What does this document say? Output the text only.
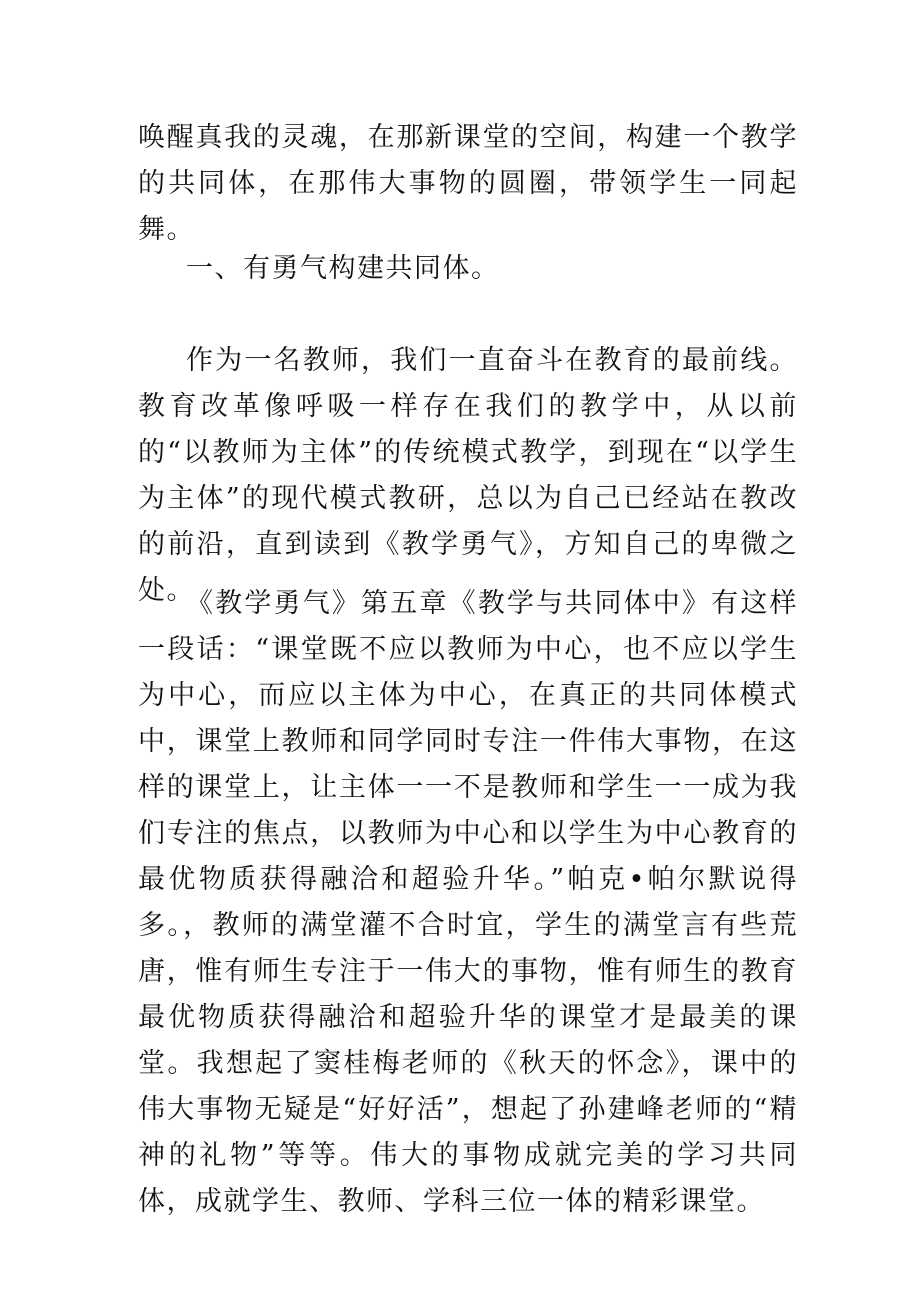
唤醒真我的灵魂，在那新课堂的空间，构建一个教学的共同体，在那伟大事物的圆圈，带领学生一同起舞。

一、有勇气构建共同体。

作为一名教师，我们一直奋斗在教育的最前线。教育改革像呼吸一样存在我们的教学中，从以前的“以教师为主体”的传统模式教学，到现在“以学生为主体”的现代模式教研，总以为自己已经站在教改的前沿，直到读到《教学勇气》，方知自己的卑微之处。

《教学勇气》第五章《教学与共同体中》有这样一段话：“课堂既不应以教师为中心，也不应以学生为中心，而应以主体为中心，在真正的共同体模式中，课堂上教师和同学同时专注一件伟大事物，在这样的课堂上，让主体一一不是教师和学生一一成为我们专注的焦点，以教师为中心和以学生为中心教育的最优物质获得融洽和超验升华。”帕克•帕尔默说得多。，教师的满堂灌不合时宜，学生的满堂言有些荒唐，惟有师生专注于一伟大的事物，惟有师生的教育最优物质获得融洽和超验升华的课堂才是最美的课堂。我想起了窦桂梅老师的《秋天的怀念》，课中的伟大事物无疑是“好好活”，想起了孙建峰老师的“精神的礼物”等等。伟大的事物成就完美的学习共同体，成就学生、教师、学科三位一体的精彩课堂。
